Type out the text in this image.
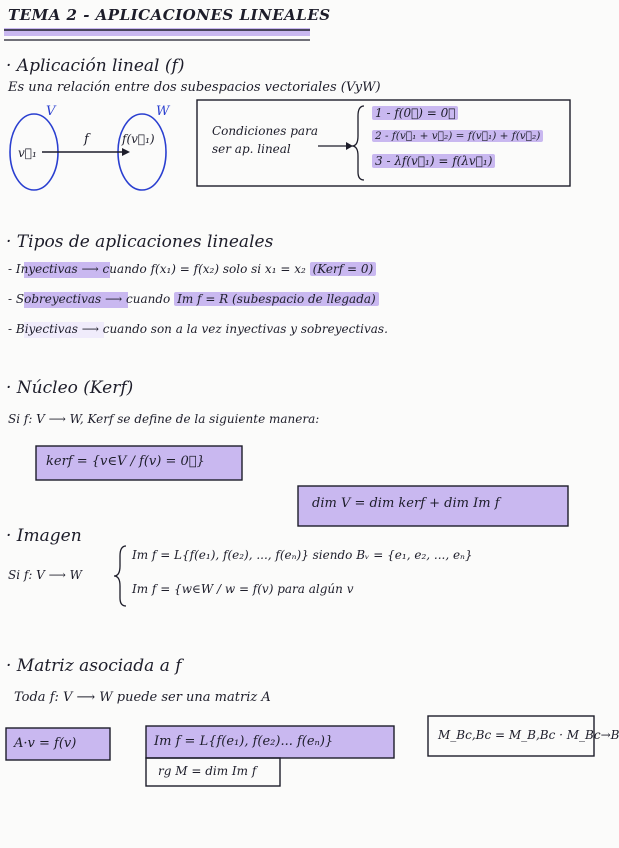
TEMA 2 - APLICACIONES LINEALES
· Aplicación lineal (f)
Es una relación entre dos subespacios vectoriales (VyW)
V	W
f
v⃗₁
f(v⃗₁)
Condiciones para
ser ap. lineal
1 - f(0⃗) = 0⃗
2 - f(v⃗₁ + v⃗₂) = f(v⃗₁) + f(v⃗₂)
3 - λf(v⃗₁) = f(λv⃗₁)
· Tipos de aplicaciones lineales
- Inyectivas ⟶ cuando f(x₁) = f(x₂) solo si x₁ = x₂ (Kerf = 0)
- Sobreyectivas ⟶ cuando Im f = R (subespacio de llegada)
- Biyectivas ⟶ cuando son a la vez inyectivas y sobreyectivas.
· Núcleo (Kerf)
Si f: V ⟶ W, Kerf se define de la siguiente manera:
kerf = {v∈V / f(v) = 0⃗}
dim V = dim kerf + dim Im f
· Imagen
Si f: V ⟶ W
Im f = L{f(e₁), f(e₂), ..., f(eₙ)} siendo Bᵥ = {e₁, e₂, ..., eₙ}
Im f = {w∈W / w = f(v) para algún v
· Matriz asociada a f
Toda f: V ⟶ W puede ser una matriz A
A·v = f(v)	Im f = L{f(e₁), f(e₂)... f(eₙ)}
rg M = dim Im f
M_Bc,Bc = M_B,Bc · M_Bc→B
